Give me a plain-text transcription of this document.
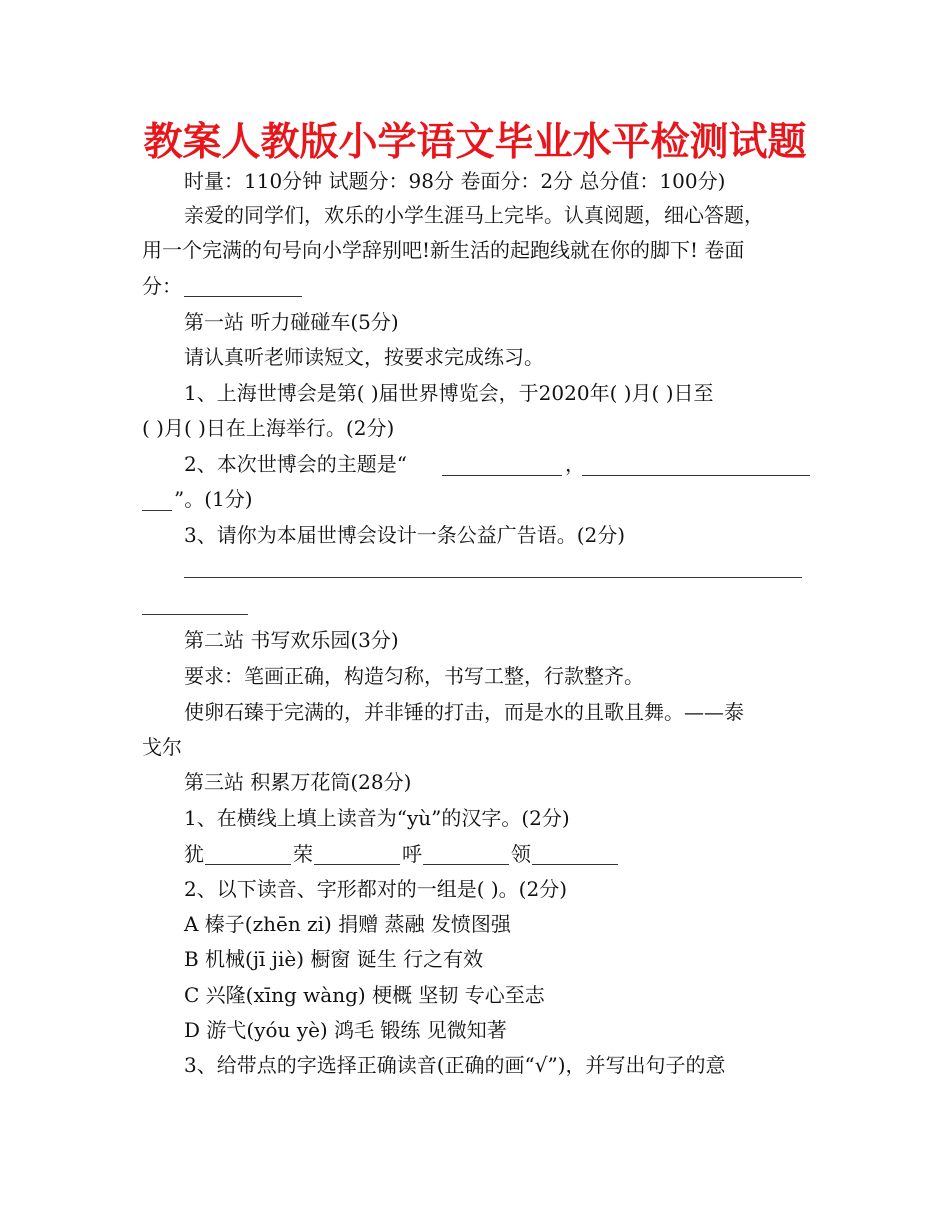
教案人教版小学语文毕业水平检测试题
时量：110分钟 试题分：98分 卷面分：2分 总分值：100分)
亲爱的同学们，欢乐的小学生涯马上完毕。认真阅题，细心答题，
用一个完满的句号向小学辞别吧!新生活的起跑线就在你的脚下! 卷面
分：
第一站 听力碰碰车(5分)
请认真听老师读短文，按要求完成练习。
1、上海世博会是第( )届世界博览会，于2020年( )月( )日至
( )月( )日在上海举行。(2分)
2、本次世博会的主题是“	，
”。(1分)
3、请你为本届世博会设计一条公益广告语。(2分)
第二站 书写欢乐园(3分)
要求：笔画正确，构造匀称，书写工整，行款整齐。
使卵石臻于完满的，并非锤的打击，而是水的且歌且舞。——泰
戈尔
第三站 积累万花筒(28分)
1、在横线上填上读音为“yù”的汉字。(2分)
犹	荣	呼	领
2、以下读音、字形都对的一组是( )。(2分)
A 榛子(zhēn zi) 捐赠 蒸融 发愤图强
B 机械(jī jiè) 橱窗 诞生 行之有效
C 兴隆(xīng wàng) 梗概 坚韧 专心至志
D 游弋(yóu yè) 鸿毛 锻练 见微知著
3、给带点的字选择正确读音(正确的画“√”)，并写出句子的意
